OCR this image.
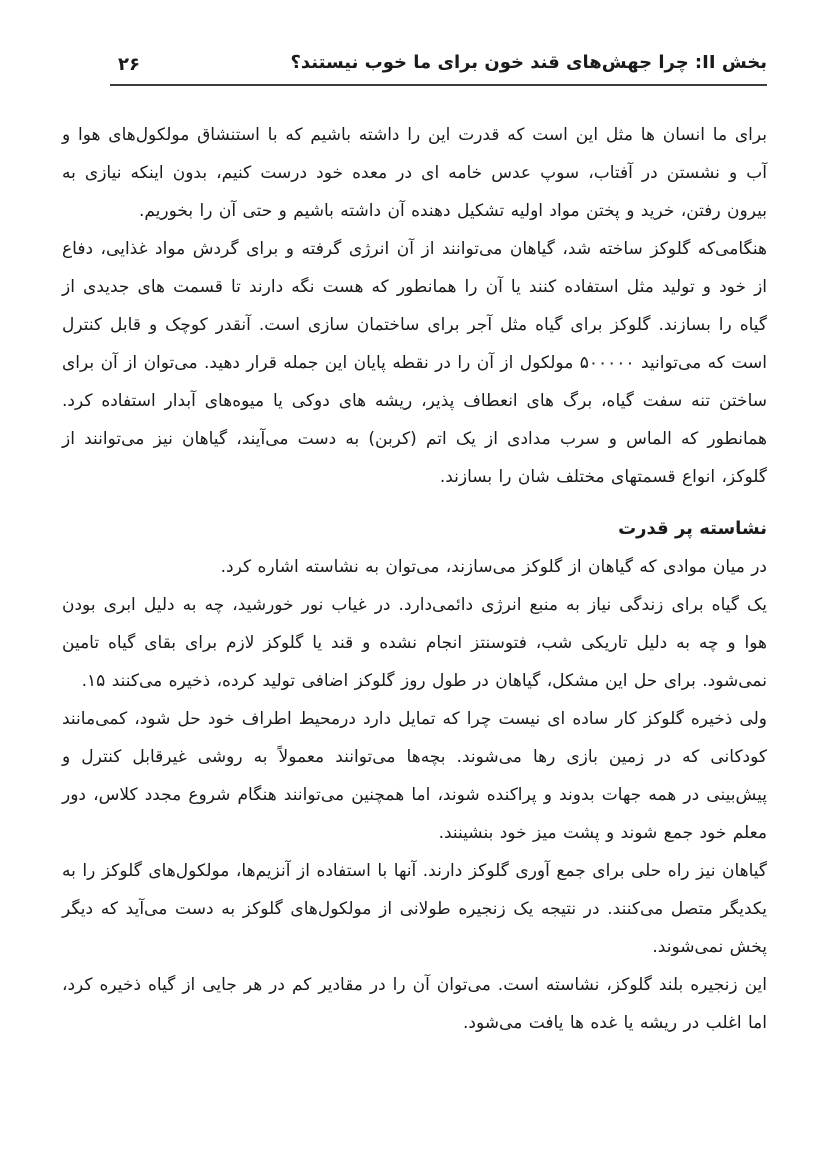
بخش II: چرا جهش‌های قند خون برای ما خوب نیستند؟
۲۶

برای ما انسان ها مثل این است که قدرت این را داشته باشیم که با استنشاق مولکول‌های هوا و آب و نشستن در آفتاب، سوپ عدس خامه ای در معده خود درست کنیم، بدون اینکه نیازی به بیرون رفتن، خرید و پختن مواد اولیه تشکیل دهنده آن داشته باشیم و حتی آن را بخوریم.

هنگامی‌که گلوکز ساخته شد، گیاهان می‌توانند از آن انرژی گرفته و برای گردش مواد غذایی، دفاع از خود و تولید مثل استفاده کنند یا آن را همانطور که هست نگه دارند تا قسمت های جدیدی از گیاه را بسازند. گلوکز برای گیاه مثل آجر برای ساختمان سازی است. آنقدر کوچک و قابل کنترل است که می‌توانید ۵۰۰۰۰۰ مولکول از آن را در نقطه پایان این جمله قرار دهید. می‌توان از آن برای ساختن تنه سفت گیاه، برگ های انعطاف پذیر، ریشه های دوکی یا میوه‌های آبدار استفاده کرد. همانطور که الماس و سرب مدادی از یک اتم (کربن) به دست می‌آیند، گیاهان نیز می‌توانند از گلوکز، انواع قسمتهای مختلف شان را بسازند.

نشاسته پر قدرت

در میان موادی که گیاهان از گلوکز می‌سازند، می‌توان به نشاسته اشاره کرد.

یک گیاه برای زندگی نیاز به منبع انرژی دائمی‌دارد. در غیاب نور خورشید، چه به دلیل ابری بودن هوا و چه به دلیل تاریکی شب، فتوسنتز انجام نشده و قند یا گلوکز لازم برای بقای گیاه تامین نمی‌شود. برای حل این مشکل، گیاهان در طول روز گلوکز اضافی تولید کرده، ذخیره می‌کنند ۱۵.

ولی ذخیره گلوکز کار ساده ای نیست چرا که تمایل دارد درمحیط اطراف خود حل شود، کمی‌مانند کودکانی که در زمین بازی رها می‌شوند. بچه‌ها می‌توانند معمولاً به روشی غیرقابل کنترل و پیش‌بینی در همه جهات بدوند و پراکنده شوند، اما همچنین می‌توانند هنگام شروع مجدد کلاس، دور معلم خود جمع شوند و پشت میز خود بنشینند.

گیاهان نیز راه حلی برای جمع آوری گلوکز دارند. آنها با استفاده از آنزیم‌ها، مولکول‌های گلوکز را به یکدیگر متصل می‌کنند. در نتیجه یک زنجیره طولانی از مولکول‌های گلوکز به دست می‌آید که دیگر پخش نمی‌شوند.

این زنجیره بلند گلوکز، نشاسته است. می‌توان آن را در مقادیر کم در هر جایی از گیاه ذخیره کرد، اما اغلب در ریشه یا غده ها یافت می‌شود.
